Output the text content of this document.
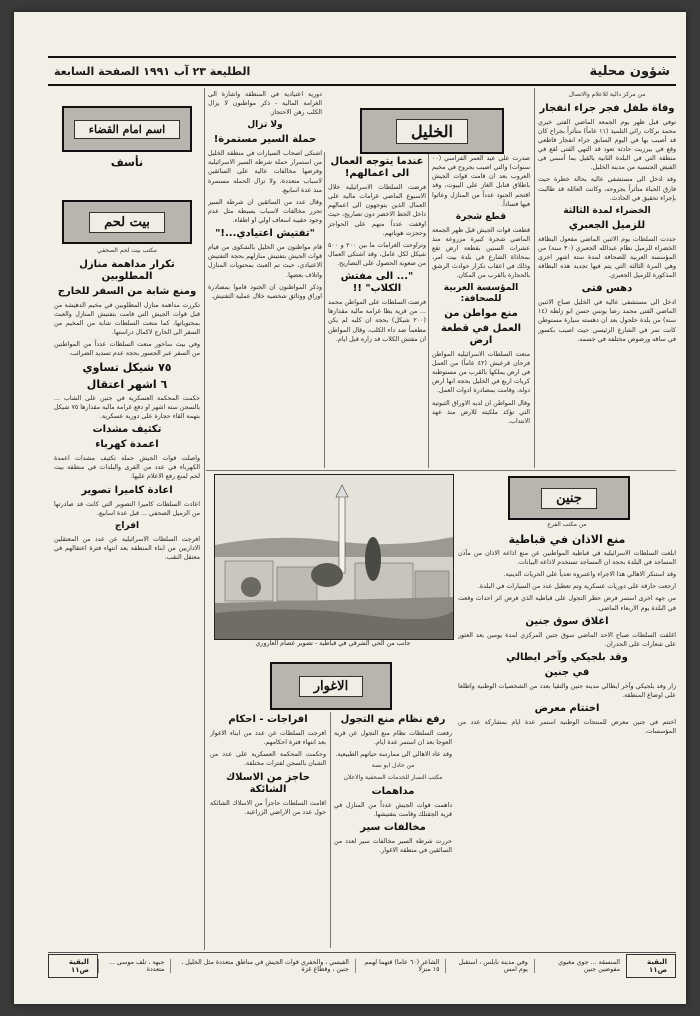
شؤون محلية
الطليعة ٢٣ آب ١٩٩١ الصفحة السابعة
من مركز دالية للاعلام والاتصال
وفاة طفل فجر جراء انفجار

توفي قبل ظهر يوم الجمعة الماضي الفتى خيري محمد بركات رائي التلميذ (١١ عاماً) متأثراً بجراح كان قد أصيب بها في اليوم السابق جراء انفجار قاطعي وقع في بيرزيت حادثة تعود قد التهي الفتى لقع في منطقة التي في البلدة الثانية بالقبل بما أسمى فى الفيض الجنسية من مدينة الخليل.

وقد ادخل الى مستشفى عالية بحالة خطرة حيث فارق الحياة متأثراً بجروحه، وكانت العائلة قد طالبت بإجراء تحقيق في الحادث.

الخضراء لمدة الثالثة
للزميل الجعبري

جددت السلطات يوم الاثنين الماضي مفعول البطاقة الخضراء للزميل نظام عبدالله الجعبري (٣٠ سنة) من المؤسسة العربية للصحافة لمدة ستة اشهر اخرى وهي المرة الثالثة التي يتم فيها تجديد هذه البطاقة المذكورة للزميل الجعبري.

دهس فتى

ادخل الى مستشفى عالية في الخليل صباح الاثنين الماضي الفتى محمد رضا يونس حسن ابو زلطة (١٤ سنة) من بلدة حلحول بعد ان دهسته سيارة مستوطن كانت تمر في الشارع الرئيسي حيث اصيب بكسور في ساقه ورضوض مختلفة في جسمه.

الخليل

صدرت على عيد العمر الفراسي (٠٠ سنوات) والتي اصيب بجروح في مخيم العروب بعد ان قامت قوات الجيش باطلاق قنابل الغاز على البيوت، وقد اقتحم الجنود عدداً من المنازل وعاثوا فيها فساداً.

قطع شجرة

قطعت قوات الجيش قبل ظهر الجمعة الماضي شجرة كبيرة مزروعة منذ عشرات السنين بقطعة ارض تقع بمحاذاة الشارع في بلدة بيت امر، وذلك في اعقاب تكرار حوادث الرشق بالحجارة بالقرب من المكان.

المؤسسة العربية للصحافة:
منع مواطن من
العمل في قطعة ارض

منعت السلطات الاسرائيلية المواطن فرحان قرعيش (٤٢ عاماً) من العمل في ارض يملكها بالقرب من مستوطنة كريات اربع في الخليل بحجة انها ارض دولة، وقامت بمصادرة ادوات العمل.

وقال المواطن ان لديه الاوراق الثبوتية التي تؤكد ملكيته للارض منذ عهد الانتداب.

عندما يتوجه العمال الى اعمالهم!

فرضت السلطات الاسرائيلية خلال الاسبوع الماضي غرامات مالية على العمال الذين يتوجهون الى اعمالهم داخل الخط الاخضر دون تصاريح، حيث اوقفت عدداً منهم على الحواجز وحجزت هوياتهم.

وتراوحت الغرامات ما بين ٢٠٠ و ٥٠٠ شيكل لكل عامل، وقد اشتكى العمال من صعوبة الحصول على التصاريح.

"... الى مفتش الكلاب" !!

فرضت السلطات على المواطن محمد ... من قرية يطا غرامة مالية مقدارها (٢٠٠ شيكل) بحجة ان كلبه لم يكن مطعماً ضد داء الكلب، وقال المواطن ان مفتش الكلاب قد زاره قبل ايام.

دورية اعتيادية في المنطقة واشارة الى الغرامة المالية - ذكر مواطنون لا يزال الكلب رهن الاحتجاز.

ولا تزال
حملة السير مستمرة!

اشتكى اصحاب السيارات في منطقة الخليل من استمرار حملة شرطة السير الاسرائيلية وفرضها مخالفات عالية على السائقين لاسباب متعددة، ولا تزال الحملة مستمرة منذ عدة اسابيع.

وقال عدد من السائقين ان شرطة السير تحرر مخالفات لاسباب بسيطة مثل عدم وجود حقيبة اسعاف اولي او اطفاء.

"تفتيش اعتيادي...!"

قام مواطنون من الخليل بالشكوى من قيام قوات الجيش بتفتيش منازلهم بحجة التفتيش الاعتيادي، حيث تم العبث بمحتويات المنازل واتلاف بعضها.

وذكر المواطنون ان الجنود قاموا بمصادرة اوراق ووثائق شخصية خلال عملية التفتيش.

اسم امام القضاء
نأسف
بيت لحم
مكتب بيت لحم الصحفي
تكرار مداهمة منازل المطلوبين
ومنع شابة من السفر للخارج

تكررت مداهمة منازل المطلوبين في مخيم الدهيشة من قبل قوات الجيش التي قامت بتفتيش المنازل والعبث بمحتوياتها، كما منعت السلطات شابة من المخيم من السفر الى الخارج لاكمال دراستها.

وفي بيت ساحور منعت السلطات عدداً من المواطنين من السفر عبر الجسور بحجة عدم تسديد الضرائب.

٧٥ شيكل تساوي
٦ اشهر اعتقال

حكمت المحكمة العسكرية في جنين على الشاب ... بالسجن ستة اشهر او دفع غرامة مالية مقدارها ٧٥ شيكل بتهمة القاء حجارة على دورية عسكرية.

تكثيف مشدات
اعمدة كهرباء

واصلت قوات الجيش حملة تكثيف مشدات اعمدة الكهرباء في عدد من القرى والبلدات في منطقة بيت لحم لمنع رفع الاعلام عليها.

اعادة كاميرا تصوير

اعادت السلطات كاميرا التصوير التي كانت قد صادرتها من الزميل الصحفي ... قبل عدة اسابيع.

افراج

افرجت السلطات الاسرائيلية عن عدد من المعتقلين الاداريين من ابناء المنطقة بعد انتهاء فترة اعتقالهم في معتقل النقب.

جنين
من مكتب الفرع
منع الاذان في قباطية

ابلغت السلطات الاسرائيلية في قباطية المواطنين عن منع اذاعة الاذان من مآذن المساجد في البلدة بحجة ان المساجد تستخدم لاذاعة البيانات.

وقد استنكر الاهالي هذا الاجراء واعتبروه تعدياً على الحريات الدينية.

ارجعت حارقة على دوريات عسكرية وتم تعطيل عدد من السيارات في البلدة.

من جهة اخرى استمر فرض حظر التجول على قباطية الذي فرض اثر احداث وقعت في البلدة يوم الاربعاء الماضي.

اغلاق سوق جنين

اغلقت السلطات صباح الاحد الماضي سوق جنين المركزي لمدة يومين بعد العثور على شعارات على الجدران.

وقد بلجيكي وآخر ايطالي
في جنين

زار وفد بلجيكي وآخر ايطالي مدينة جنين والتقيا بعدد من الشخصيات الوطنية واطلعا على اوضاع المنطقة.

اختتام معرض

اختتم في جنين معرض للمنتجات الوطنية استمر عدة ايام بمشاركة عدد من المؤسسات.

جانب من الحي الشرقي في قباطية - تصوير عصام العاروري
الاغوار
رفع نظام منع التجول

رفعت السلطات نظام منع التجول عن قرية العوجا بعد ان استمر عدة ايام.

وقد عاد الاهالي الى ممارسة حياتهم الطبيعية.

من حادل ابو نصة
مكتب النصار للخدمات الصحفية والاعلان
مداهمات

داهمت قوات الجيش عدداً من المنازل في قرية الجفتلك وقامت بتفتيشها.

مخالفات سير

حررت شرطة السير مخالفات سير لعدد من السائقين في منطقة الاغوار.

افراجات - احكام

افرجت السلطات عن عدد من ابناء الاغوار بعد انتهاء فترة احكامهم.

وحكمت المحكمة العسكرية على عدد من الشبان بالسجن لفترات مختلفة.

حاجز من الاسلاك الشائكة

اقامت السلطات حاجزاً من الاسلاك الشائكة حول عدد من الاراضي الزراعية.

البقية ص١١
المنسقة ... جوي مغبوي مفوضين جنين
وفي مدينة نابلس ، استقبل يوم امس
الشاعر (٦٠ عاما) قتهما لهمم ١٥ منزلا
الفيسي ، والحفري قوات الجيش في مناطق متعددة مثل الخليل ، جنين ، وقطاع غزة
جبهة ، تلف موسى ... متعددة
البقية ص١١
